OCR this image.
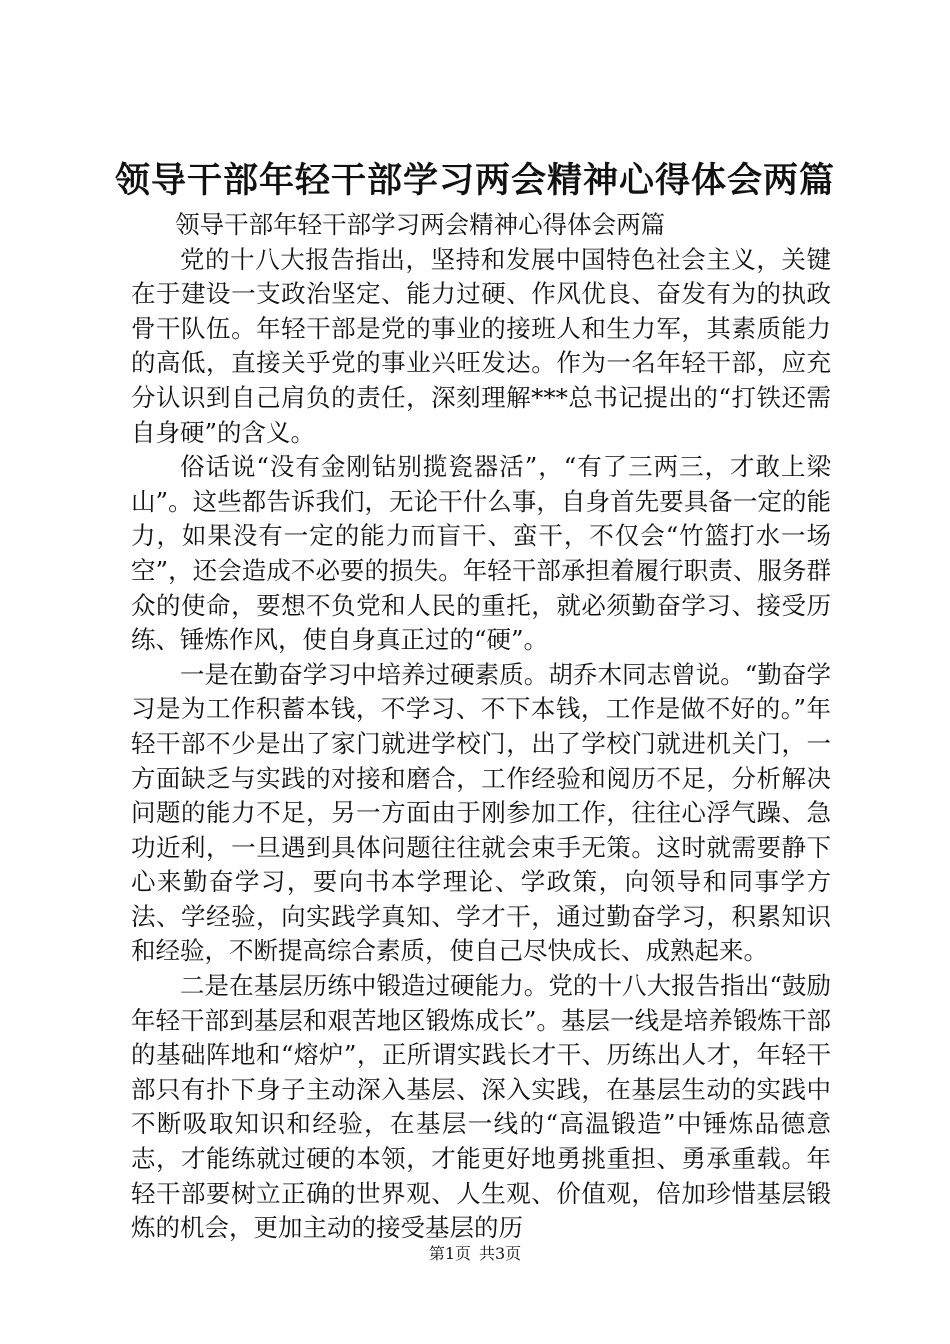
领导干部年轻干部学习两会精神心得体会两篇

领导干部年轻干部学习两会精神心得体会两篇

党的十八大报告指出，坚持和发展中国特色社会主义，关键在于建设一支政治坚定、能力过硬、作风优良、奋发有为的执政骨干队伍。年轻干部是党的事业的接班人和生力军，其素质能力的高低，直接关乎党的事业兴旺发达。作为一名年轻干部，应充分认识到自己肩负的责任，深刻理解***总书记提出的“打铁还需自身硬”的含义。

俗话说“没有金刚钻别揽瓷器活”，“有了三两三，才敢上梁山”。这些都告诉我们，无论干什么事，自身首先要具备一定的能力，如果没有一定的能力而盲干、蛮干，不仅会“竹篮打水一场空”，还会造成不必要的损失。年轻干部承担着履行职责、服务群众的使命，要想不负党和人民的重托，就必须勤奋学习、接受历练、锤炼作风，使自身真正过的“硬”。

一是在勤奋学习中培养过硬素质。胡乔木同志曾说。“勤奋学习是为工作积蓄本钱，不学习、不下本钱，工作是做不好的。”年轻干部不少是出了家门就进学校门，出了学校门就进机关门，一方面缺乏与实践的对接和磨合，工作经验和阅历不足，分析解决问题的能力不足，另一方面由于刚参加工作，往往心浮气躁、急功近利，一旦遇到具体问题往往就会束手无策。这时就需要静下心来勤奋学习，要向书本学理论、学政策，向领导和同事学方法、学经验，向实践学真知、学才干，通过勤奋学习，积累知识和经验，不断提高综合素质，使自己尽快成长、成熟起来。

二是在基层历练中锻造过硬能力。党的十八大报告指出“鼓励年轻干部到基层和艰苦地区锻炼成长”。基层一线是培养锻炼干部的基础阵地和“熔炉”，正所谓实践长才干、历练出人才，年轻干部只有扑下身子主动深入基层、深入实践，在基层生动的实践中不断吸取知识和经验，在基层一线的“高温锻造”中锤炼品德意志，才能练就过硬的本领，才能更好地勇挑重担、勇承重载。年轻干部要树立正确的世界观、人生观、价值观，倍加珍惜基层锻炼的机会，更加主动的接受基层的历

第1页 共3页
